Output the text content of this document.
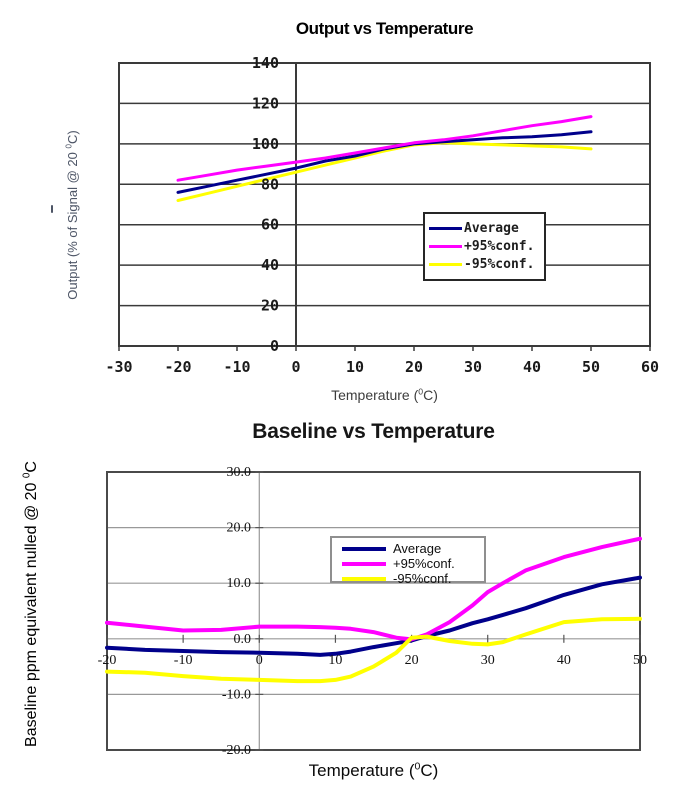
Output vs Temperature
Output (% of Signal @ 20 $^0$C)
0
20
40
60
80
100
120
140
-30 -20 -10	0	10	20	30	40	50	60
Average
+95%conf.
-95%conf.
Temperature ($^0$C)
Baseline vs Temperature
Baseline ppm equivalent nulled @ 20 $^0$C	30.0
20.0
10.0
0.0
-10.0
-20.0
-20	-10	0	10	20	30	40	50
Average
+95%conf.
-95%conf.
Temperature ($^0$C)
